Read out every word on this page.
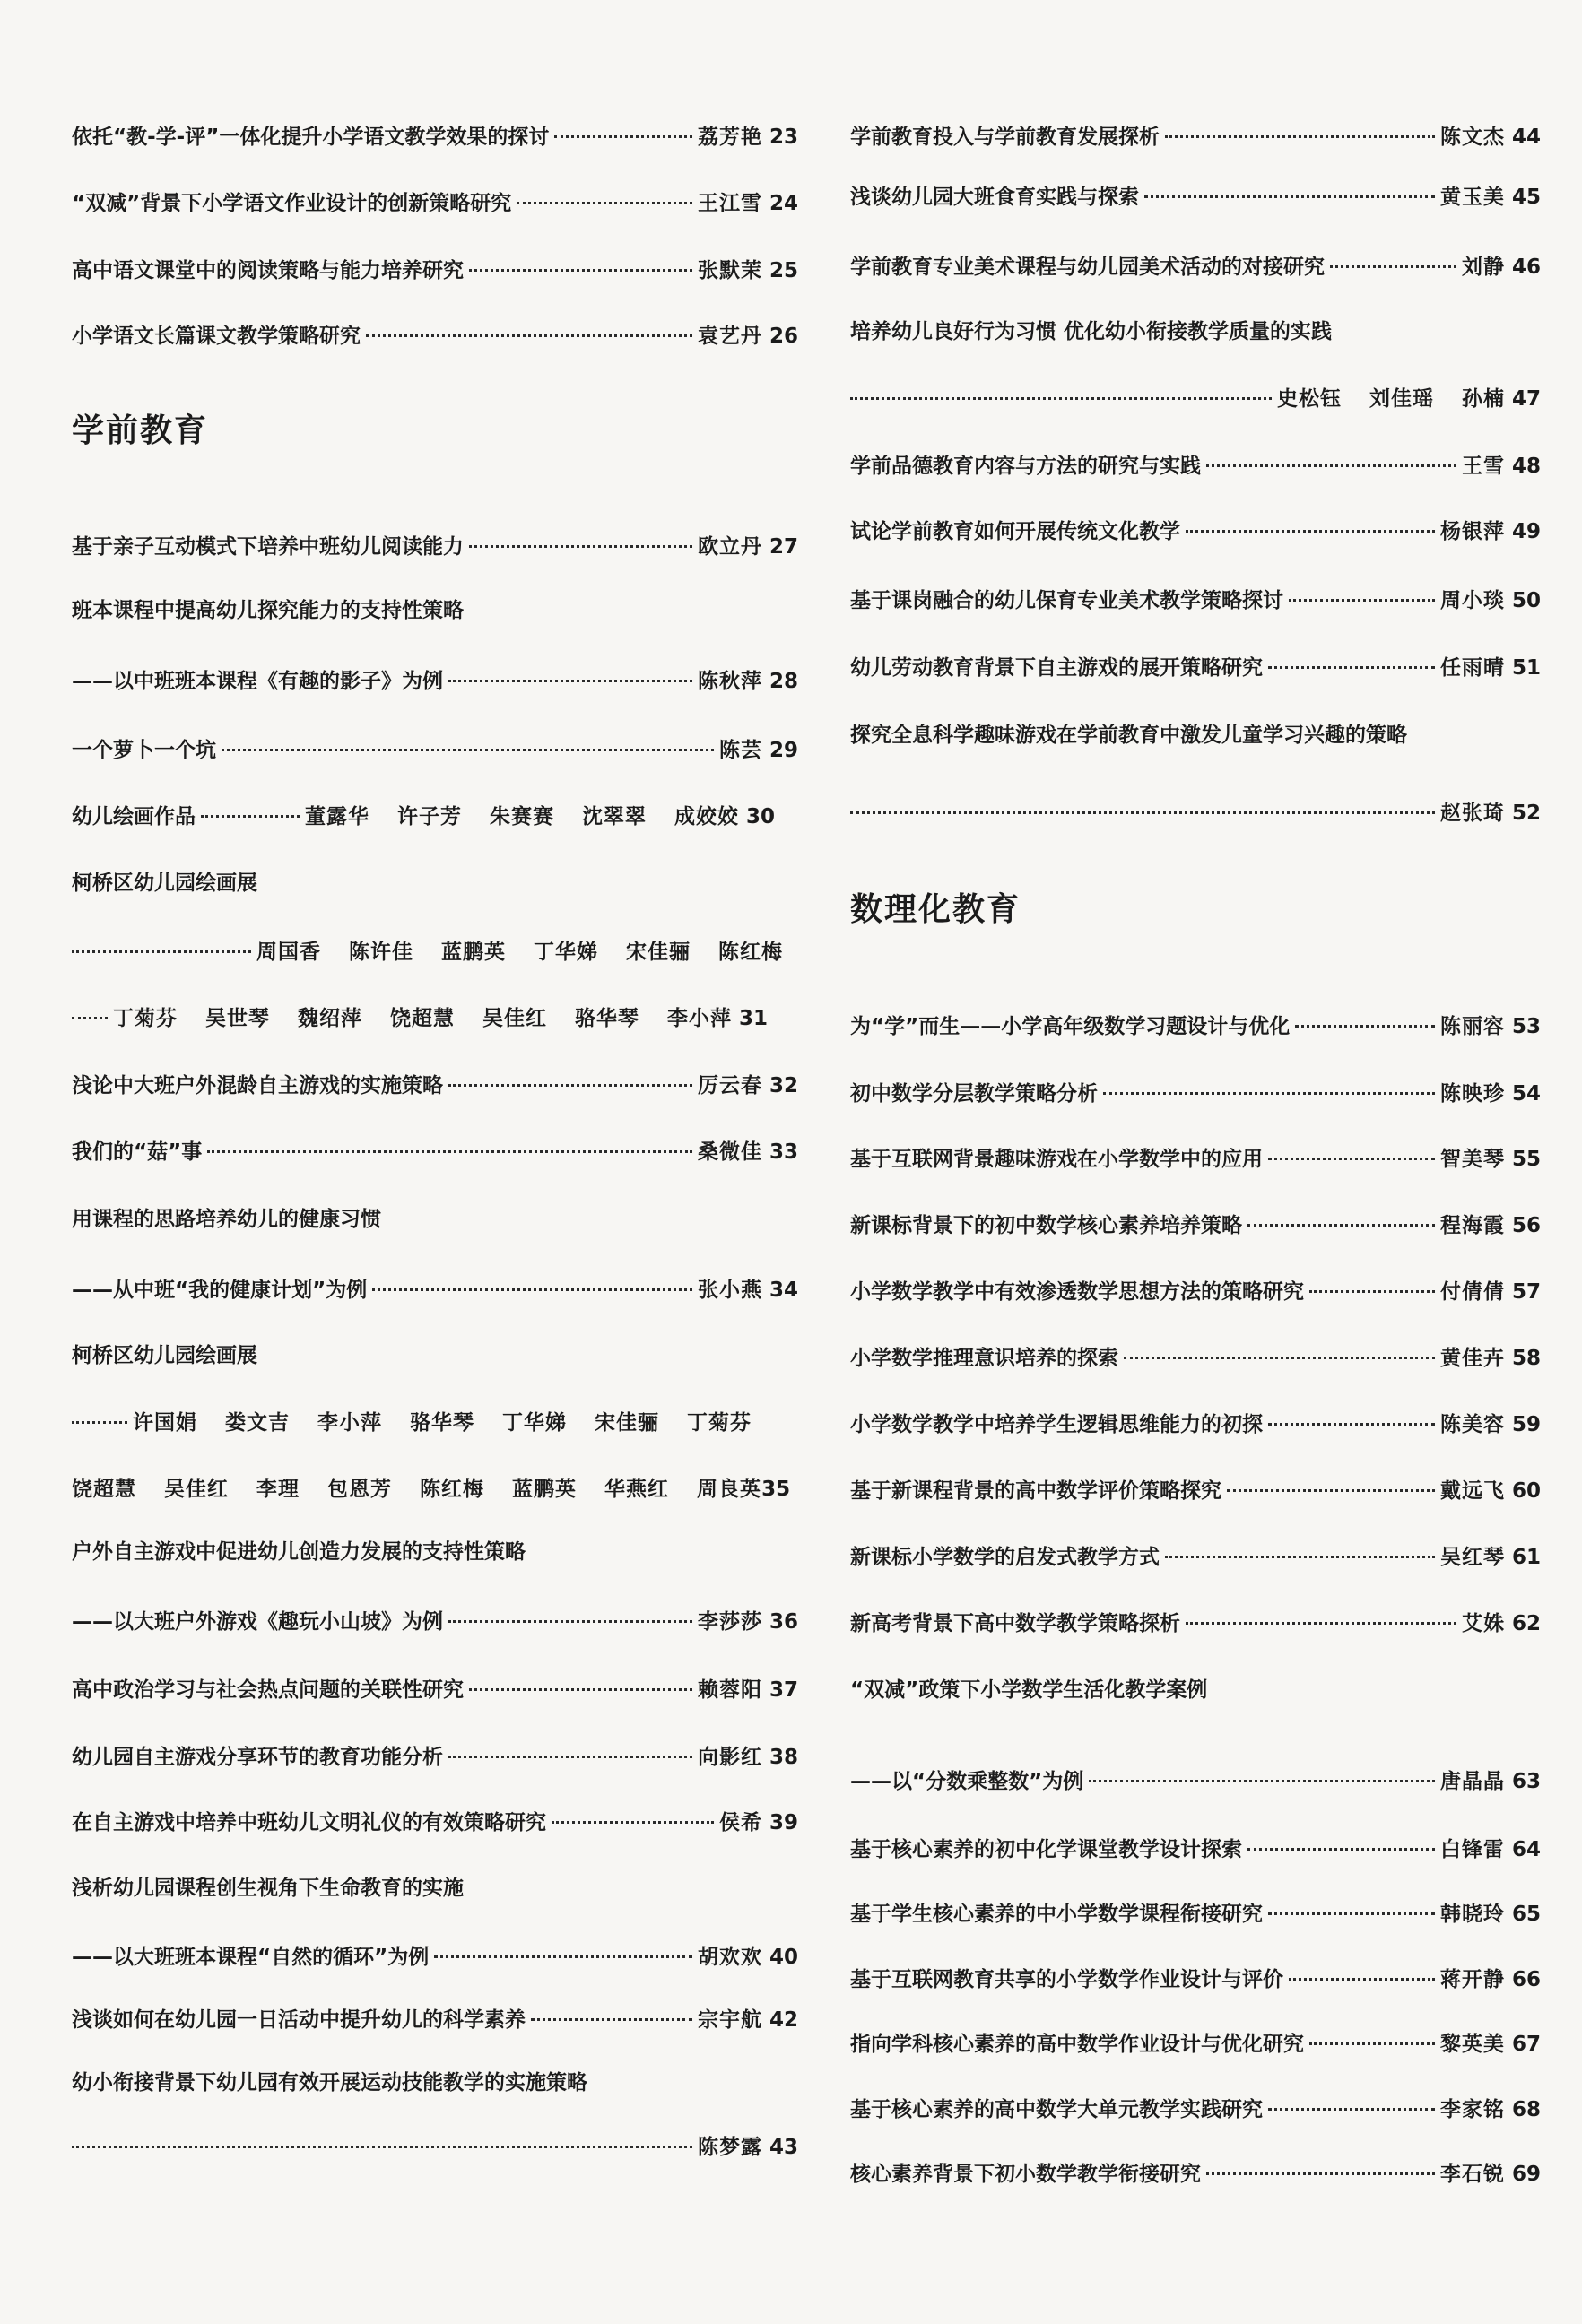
依托“教-学-评”一体化提升小学语文教学效果的探讨	荔芳艳 23
“双减”背景下小学语文作业设计的创新策略研究	王江雪 24
高中语文课堂中的阅读策略与能力培养研究	张默茉 25
小学语文长篇课文教学策略研究	袁艺丹 26
学前教育
基于亲子互动模式下培养中班幼儿阅读能力	欧立丹 27
班本课程中提高幼儿探究能力的支持性策略
——以中班班本课程《有趣的影子》为例	陈秋萍 28
一个萝卜一个坑	陈芸 29
幼儿绘画作品	董露华 许子芳 朱赛赛 沈翠翠 成姣姣 30
柯桥区幼儿园绘画展
周国香 陈许佳 蓝鹏英 丁华娣 宋佳骊 陈红梅
丁菊芬 吴世琴 魏绍萍 饶超慧 吴佳红 骆华琴 李小萍 31
浅论中大班户外混龄自主游戏的实施策略	厉云春 32
我们的“菇”事	桑微佳 33
用课程的思路培养幼儿的健康习惯
——从中班“我的健康计划”为例	张小燕 34
柯桥区幼儿园绘画展
许国娟 娄文吉 李小萍 骆华琴 丁华娣 宋佳骊 丁菊芬
饶超慧 吴佳红 李理 包恩芳 陈红梅 蓝鹏英 华燕红 周良英 35
户外自主游戏中促进幼儿创造力发展的支持性策略
——以大班户外游戏《趣玩小山坡》为例	李莎莎 36
高中政治学习与社会热点问题的关联性研究	赖蓉阳 37
幼儿园自主游戏分享环节的教育功能分析	向影红 38
在自主游戏中培养中班幼儿文明礼仪的有效策略研究	侯希 39
浅析幼儿园课程创生视角下生命教育的实施
——以大班班本课程“自然的循环”为例	胡欢欢 40
浅谈如何在幼儿园一日活动中提升幼儿的科学素养	宗宇航 42
幼小衔接背景下幼儿园有效开展运动技能教学的实施策略
陈梦露 43
学前教育投入与学前教育发展探析	陈文杰 44
浅谈幼儿园大班食育实践与探索	黄玉美 45
学前教育专业美术课程与幼儿园美术活动的对接研究	刘静 46
培养幼儿良好行为习惯 优化幼小衔接教学质量的实践
史松钰 刘佳瑶 孙楠 47
学前品德教育内容与方法的研究与实践	王雪 48
试论学前教育如何开展传统文化教学	杨银萍 49
基于课岗融合的幼儿保育专业美术教学策略探讨	周小琰 50
幼儿劳动教育背景下自主游戏的展开策略研究	任雨晴 51
探究全息科学趣味游戏在学前教育中激发儿童学习兴趣的策略
赵张琦 52
数理化教育
为“学”而生——小学高年级数学习题设计与优化	陈丽容 53
初中数学分层教学策略分析	陈映珍 54
基于互联网背景趣味游戏在小学数学中的应用	智美琴 55
新课标背景下的初中数学核心素养培养策略	程海霞 56
小学数学教学中有效渗透数学思想方法的策略研究	付倩倩 57
小学数学推理意识培养的探索	黄佳卉 58
小学数学教学中培养学生逻辑思维能力的初探	陈美容 59
基于新课程背景的高中数学评价策略探究	戴远飞 60
新课标小学数学的启发式教学方式	吴红琴 61
新高考背景下高中数学教学策略探析	艾姝 62
“双减”政策下小学数学生活化教学案例
——以“分数乘整数”为例	唐晶晶 63
基于核心素养的初中化学课堂教学设计探索	白锋雷 64
基于学生核心素养的中小学数学课程衔接研究	韩晓玲 65
基于互联网教育共享的小学数学作业设计与评价	蒋开静 66
指向学科核心素养的高中数学作业设计与优化研究	黎英美 67
基于核心素养的高中数学大单元教学实践研究	李家铭 68
核心素养背景下初小数学教学衔接研究	李石锐 69
